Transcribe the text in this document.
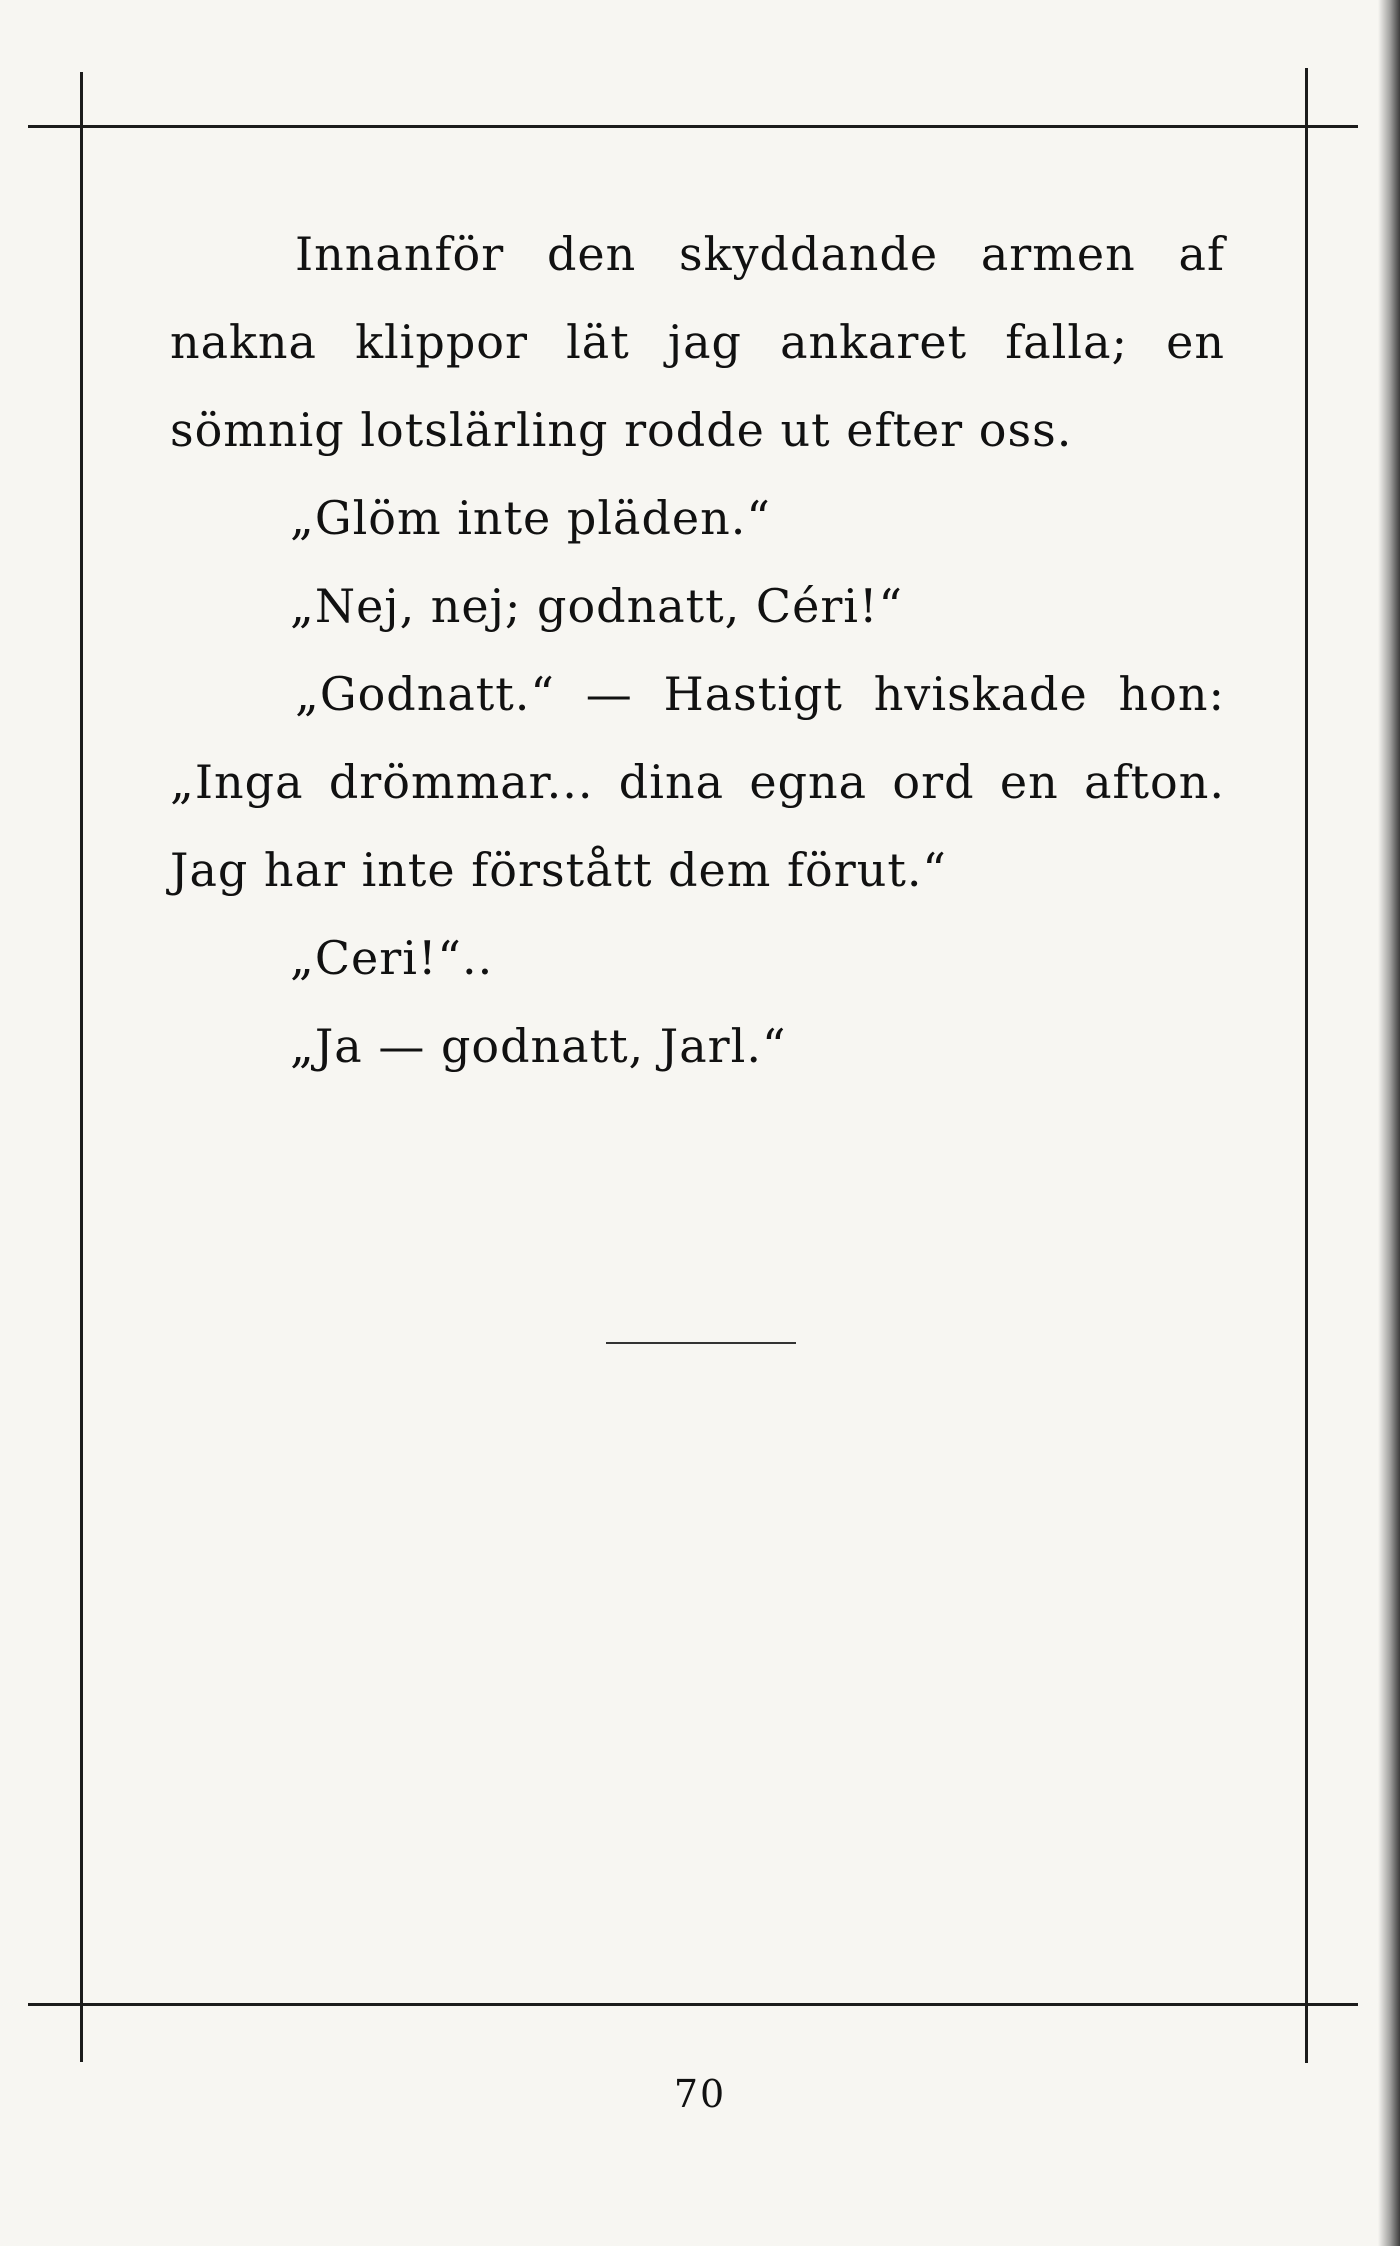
Innanför den skyddande armen af
nakna klippor lät jag ankaret falla; en
sömnig lotslärling rodde ut efter oss.
„Glöm inte pläden.“
„Nej, nej; godnatt, Céri!“
„Godnatt.“ — Hastigt hviskade hon:
„Inga drömmar... dina egna ord en afton.
Jag har inte förstått dem förut.“
„Ceri!“..
„Ja — godnatt, Jarl.“
70
